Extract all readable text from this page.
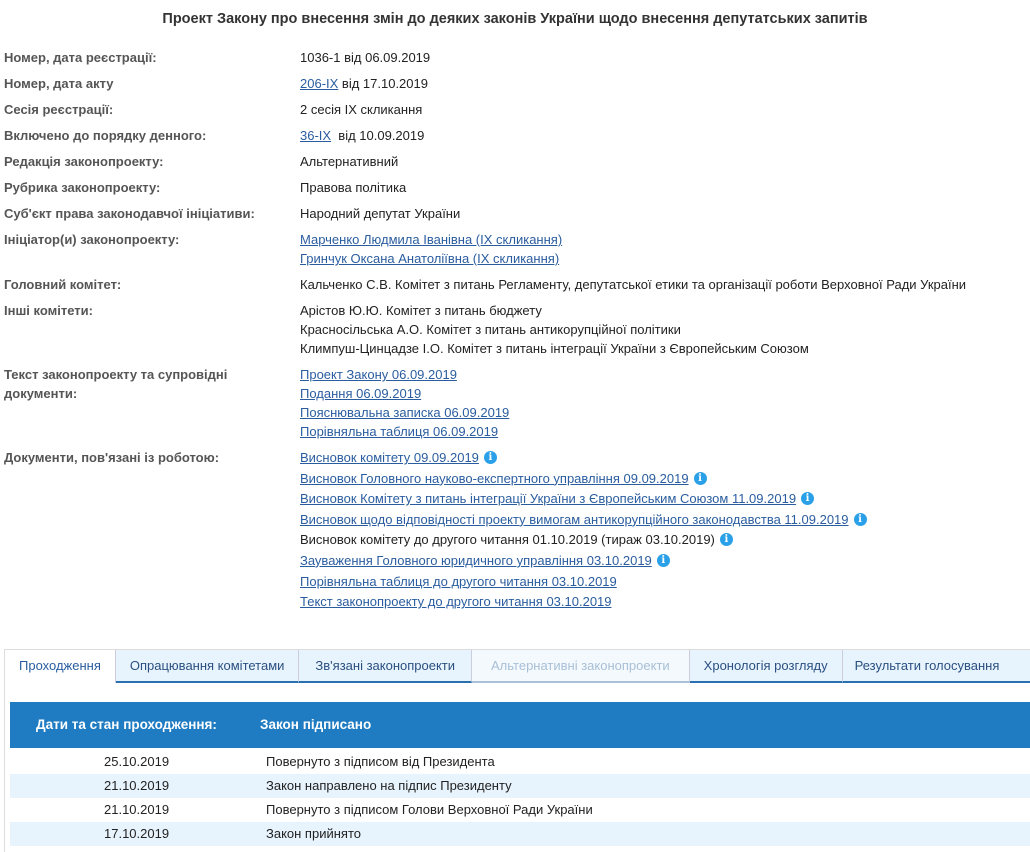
Проект Закону про внесення змін до деяких законів України щодо внесення депутатських запитів
Номер, дата реєстрації:	1036-1 від 06.09.2019
Номер, дата акту	206-IX від 17.10.2019
Сесія реєстрації:	2 сесія IX скликання
Включено до порядку денного:	36-IX  від 10.09.2019
Редакція законопроекту:	Альтернативний
Рубрика законопроекту:	Правова політика
Суб'єкт права законодавчої ініціативи:	Народний депутат України
Ініціатор(и) законопроекту:	Марченко Людмила Іванівна (IX скликання)
Гринчук Оксана Анатоліївна (IX скликання)
Головний комітет:	Кальченко С.В. Комітет з питань Регламенту, депутатської етики та організації роботи Верховної Ради України
Інші комітети:	Арістов Ю.Ю. Комітет з питань бюджету
Красносільська А.О. Комітет з питань антикорупційної політики
Климпуш-Цинцадзе І.О. Комітет з питань інтеграції України з Європейським Союзом
Текст законопроекту та супровідні документи:
Проект Закону 06.09.2019
Подання 06.09.2019
Пояснювальна записка 06.09.2019
Порівняльна таблиця 06.09.2019
Документи, пов'язані із роботою:	Висновок комітету 09.09.2019 i
Висновок Головного науково-експертного управління 09.09.2019 i
Висновок Комітету з питань інтеграції України з Європейським Союзом 11.09.2019 i
Висновок щодо відповідності проекту вимогам антикорупційного законодавства 11.09.2019 i
Висновок комітету до другого читання 01.10.2019 (тираж 03.10.2019) i
Зауваження Головного юридичного управління 03.10.2019 i
Порівняльна таблиця до другого читання 03.10.2019
Текст законопроекту до другого читання 03.10.2019
Проходження	Опрацювання комітетами	Зв'язані законопроекти	Альтернативні законопроекти	Хронологія розгляду	Результати голосування
Дати та стан проходження:	Закон підписано
25.10.2019	Повернуто з підписом від Президента
21.10.2019	Закон направлено на підпис Президенту
21.10.2019	Повернуто з підписом Голови Верховної Ради України
17.10.2019	Закон прийнято
